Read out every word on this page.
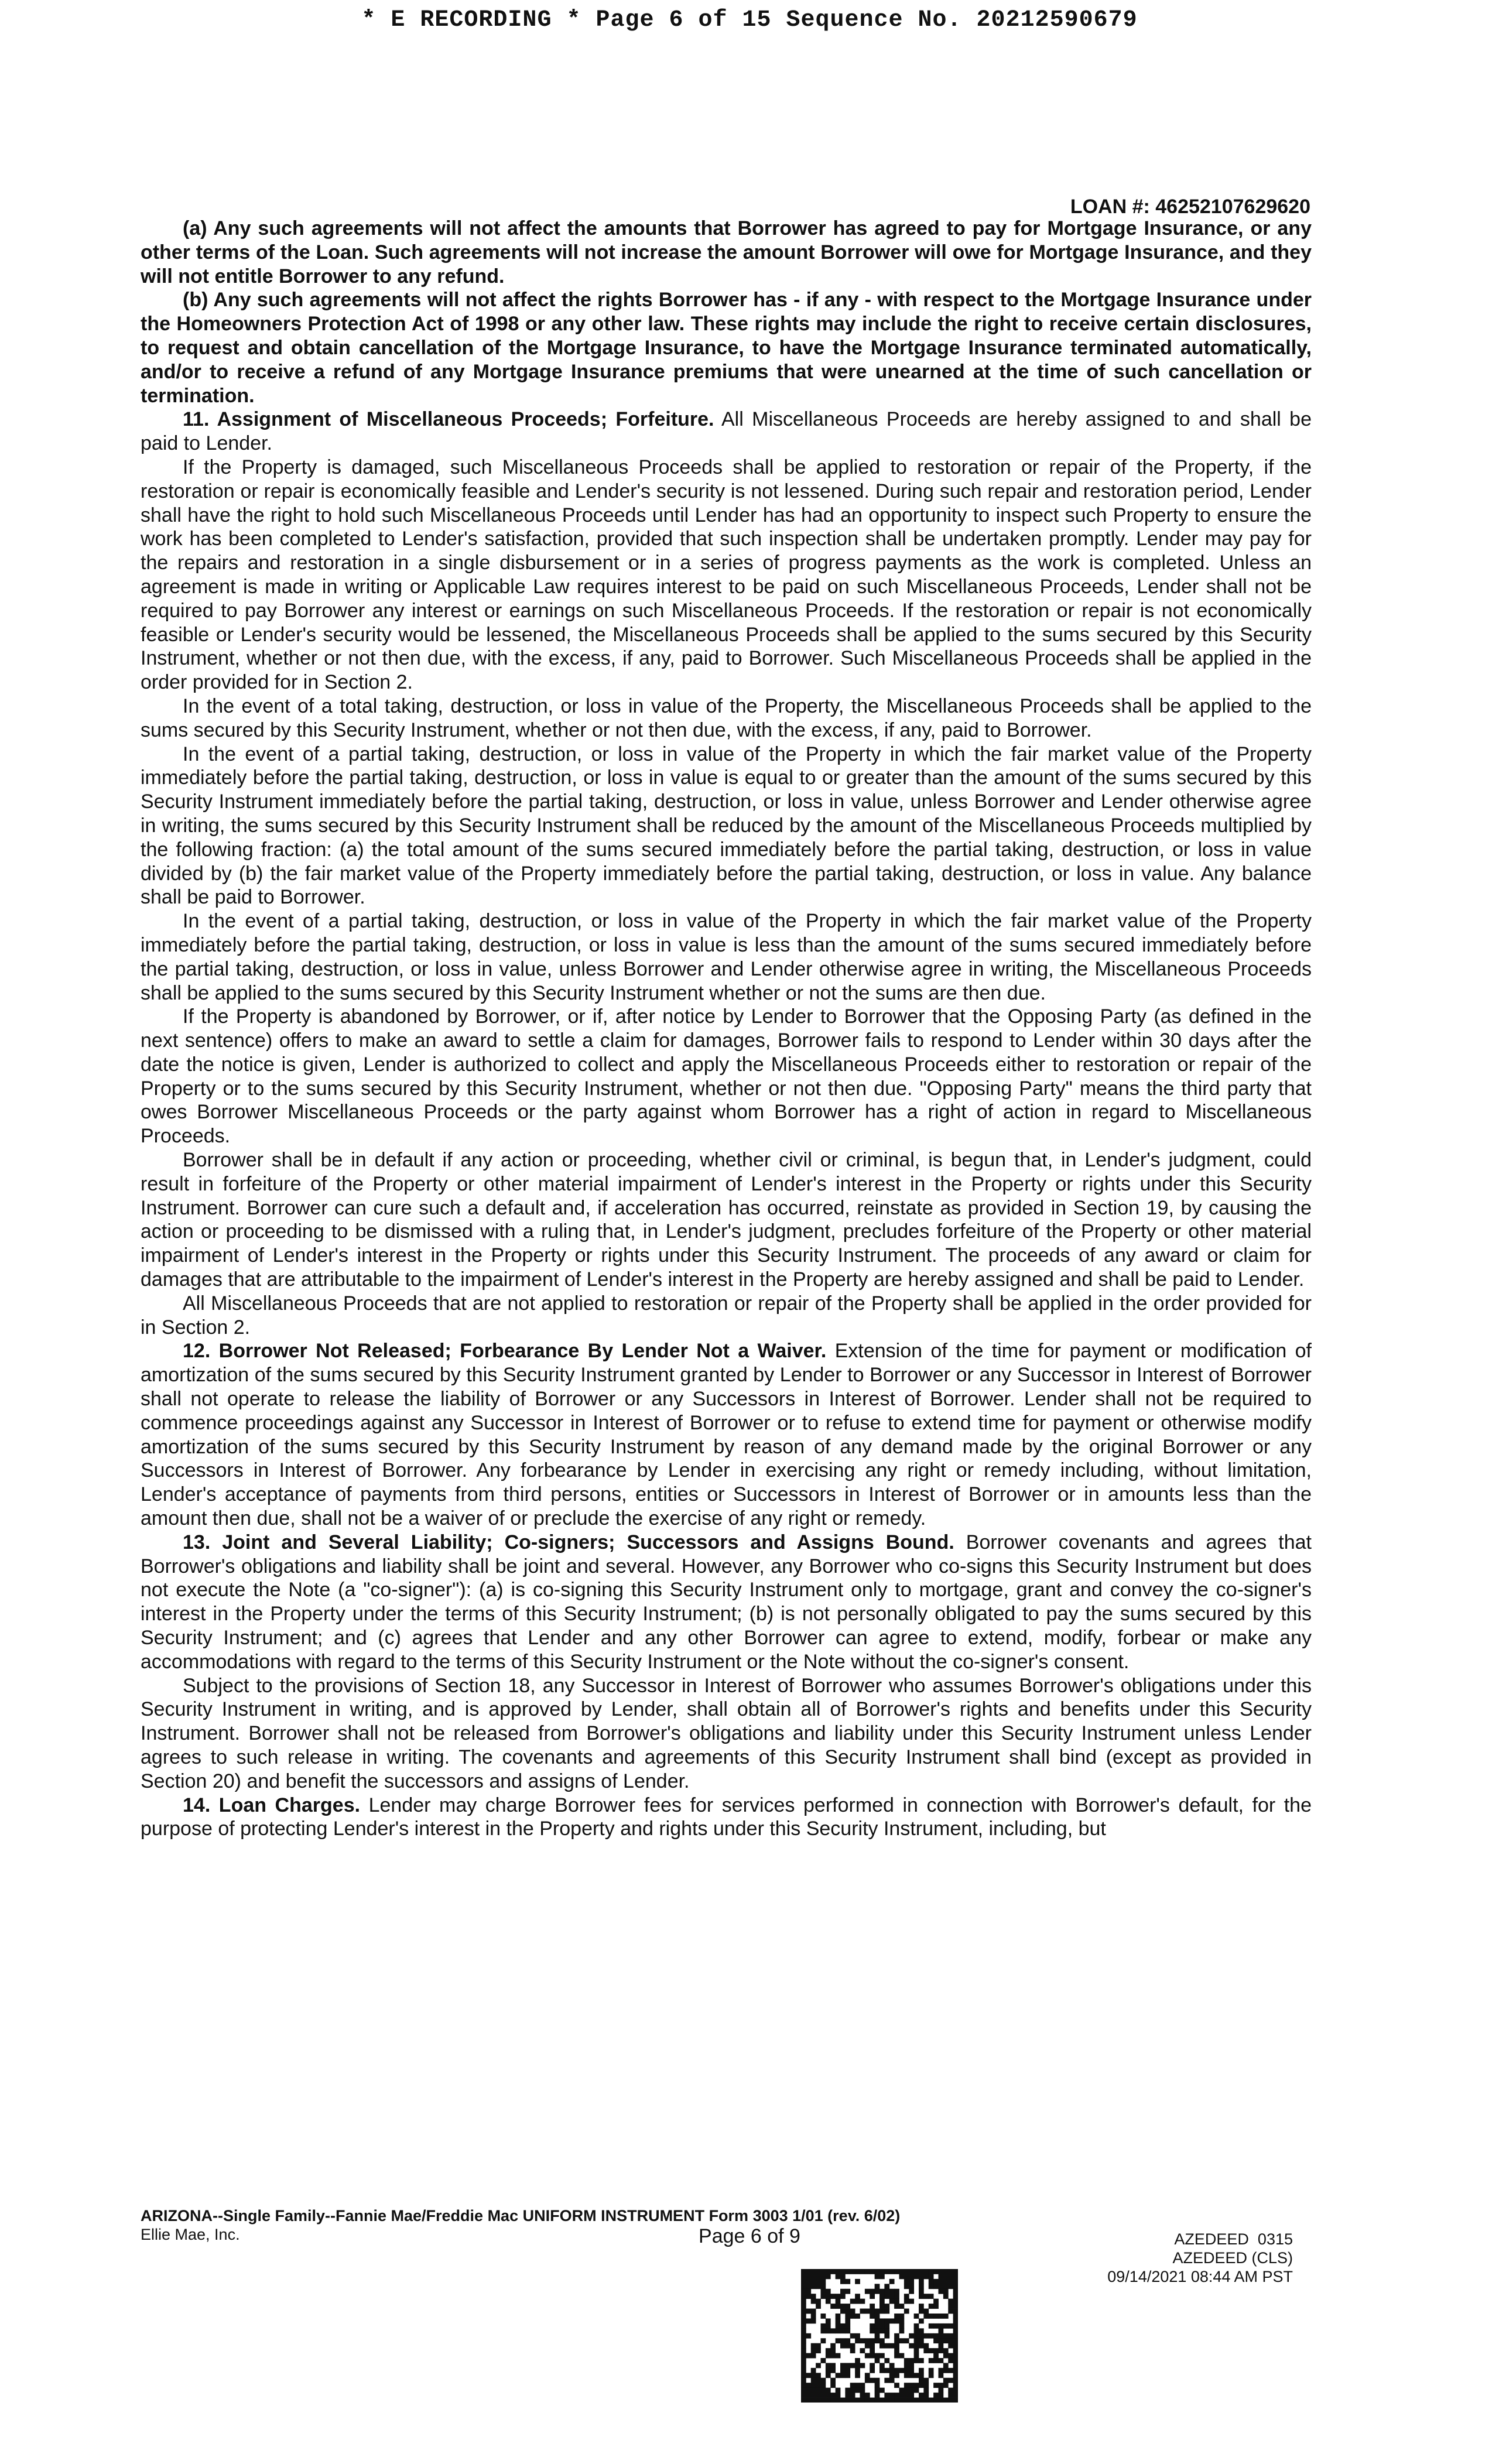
* E RECORDING * Page 6 of 15 Sequence No. 20212590679
LOAN #: 46252107629620

(a) Any such agreements will not affect the amounts that Borrower has agreed to pay for Mortgage Insurance, or any other terms of the Loan. Such agreements will not increase the amount Borrower will owe for Mortgage Insurance, and they will not entitle Borrower to any refund.

(b) Any such agreements will not affect the rights Borrower has - if any - with respect to the Mortgage Insurance under the Homeowners Protection Act of 1998 or any other law. These rights may include the right to receive certain disclosures, to request and obtain cancellation of the Mortgage Insurance, to have the Mortgage Insurance terminated automatically, and/or to receive a refund of any Mortgage Insurance premiums that were unearned at the time of such cancellation or termination.

11. Assignment of Miscellaneous Proceeds; Forfeiture. All Miscellaneous Proceeds are hereby assigned to and shall be paid to Lender.

If the Property is damaged, such Miscellaneous Proceeds shall be applied to restoration or repair of the Property, if the restoration or repair is economically feasible and Lender's security is not lessened. During such repair and restoration period, Lender shall have the right to hold such Miscellaneous Proceeds until Lender has had an opportunity to inspect such Property to ensure the work has been completed to Lender's satisfaction, provided that such inspection shall be undertaken promptly. Lender may pay for the repairs and restoration in a single disbursement or in a series of progress payments as the work is completed. Unless an agreement is made in writing or Applicable Law requires interest to be paid on such Miscellaneous Proceeds, Lender shall not be required to pay Borrower any interest or earnings on such Miscellaneous Proceeds. If the restoration or repair is not economically feasible or Lender's security would be lessened, the Miscellaneous Proceeds shall be applied to the sums secured by this Security Instrument, whether or not then due, with the excess, if any, paid to Borrower. Such Miscellaneous Proceeds shall be applied in the order provided for in Section 2.

In the event of a total taking, destruction, or loss in value of the Property, the Miscellaneous Proceeds shall be applied to the sums secured by this Security Instrument, whether or not then due, with the excess, if any, paid to Borrower.

In the event of a partial taking, destruction, or loss in value of the Property in which the fair market value of the Property immediately before the partial taking, destruction, or loss in value is equal to or greater than the amount of the sums secured by this Security Instrument immediately before the partial taking, destruction, or loss in value, unless Borrower and Lender otherwise agree in writing, the sums secured by this Security Instrument shall be reduced by the amount of the Miscellaneous Proceeds multiplied by the following fraction: (a) the total amount of the sums secured immediately before the partial taking, destruction, or loss in value divided by (b) the fair market value of the Property immediately before the partial taking, destruction, or loss in value. Any balance shall be paid to Borrower.

In the event of a partial taking, destruction, or loss in value of the Property in which the fair market value of the Property immediately before the partial taking, destruction, or loss in value is less than the amount of the sums secured immediately before the partial taking, destruction, or loss in value, unless Borrower and Lender otherwise agree in writing, the Miscellaneous Proceeds shall be applied to the sums secured by this Security Instrument whether or not the sums are then due.

If the Property is abandoned by Borrower, or if, after notice by Lender to Borrower that the Opposing Party (as defined in the next sentence) offers to make an award to settle a claim for damages, Borrower fails to respond to Lender within 30 days after the date the notice is given, Lender is authorized to collect and apply the Miscellaneous Proceeds either to restoration or repair of the Property or to the sums secured by this Security Instrument, whether or not then due. "Opposing Party" means the third party that owes Borrower Miscellaneous Proceeds or the party against whom Borrower has a right of action in regard to Miscellaneous Proceeds.

Borrower shall be in default if any action or proceeding, whether civil or criminal, is begun that, in Lender's judgment, could result in forfeiture of the Property or other material impairment of Lender's interest in the Property or rights under this Security Instrument. Borrower can cure such a default and, if acceleration has occurred, reinstate as provided in Section 19, by causing the action or proceeding to be dismissed with a ruling that, in Lender's judgment, precludes forfeiture of the Property or other material impairment of Lender's interest in the Property or rights under this Security Instrument. The proceeds of any award or claim for damages that are attributable to the impairment of Lender's interest in the Property are hereby assigned and shall be paid to Lender.

All Miscellaneous Proceeds that are not applied to restoration or repair of the Property shall be applied in the order provided for in Section 2.

12. Borrower Not Released; Forbearance By Lender Not a Waiver. Extension of the time for payment or modification of amortization of the sums secured by this Security Instrument granted by Lender to Borrower or any Successor in Interest of Borrower shall not operate to release the liability of Borrower or any Successors in Interest of Borrower. Lender shall not be required to commence proceedings against any Successor in Interest of Borrower or to refuse to extend time for payment or otherwise modify amortization of the sums secured by this Security Instrument by reason of any demand made by the original Borrower or any Successors in Interest of Borrower. Any forbearance by Lender in exercising any right or remedy including, without limitation, Lender's acceptance of payments from third persons, entities or Successors in Interest of Borrower or in amounts less than the amount then due, shall not be a waiver of or preclude the exercise of any right or remedy.

13. Joint and Several Liability; Co-signers; Successors and Assigns Bound. Borrower covenants and agrees that Borrower's obligations and liability shall be joint and several. However, any Borrower who co-signs this Security Instrument but does not execute the Note (a "co-signer"): (a) is co-signing this Security Instrument only to mortgage, grant and convey the co-signer's interest in the Property under the terms of this Security Instrument; (b) is not personally obligated to pay the sums secured by this Security Instrument; and (c) agrees that Lender and any other Borrower can agree to extend, modify, forbear or make any accommodations with regard to the terms of this Security Instrument or the Note without the co-signer's consent.

Subject to the provisions of Section 18, any Successor in Interest of Borrower who assumes Borrower's obligations under this Security Instrument in writing, and is approved by Lender, shall obtain all of Borrower's rights and benefits under this Security Instrument. Borrower shall not be released from Borrower's obligations and liability under this Security Instrument unless Lender agrees to such release in writing. The covenants and agreements of this Security Instrument shall bind (except as provided in Section 20) and benefit the successors and assigns of Lender.

14. Loan Charges. Lender may charge Borrower fees for services performed in connection with Borrower's default, for the purpose of protecting Lender's interest in the Property and rights under this Security Instrument, including, but

ARIZONA--Single Family--Fannie Mae/Freddie Mac UNIFORM INSTRUMENT Form 3003 1/01 (rev. 6/02)
Ellie Mae, Inc.	Page 6 of 9	AZEDEED  0315
AZEDEED (CLS)
09/14/2021 08:44 AM PST
